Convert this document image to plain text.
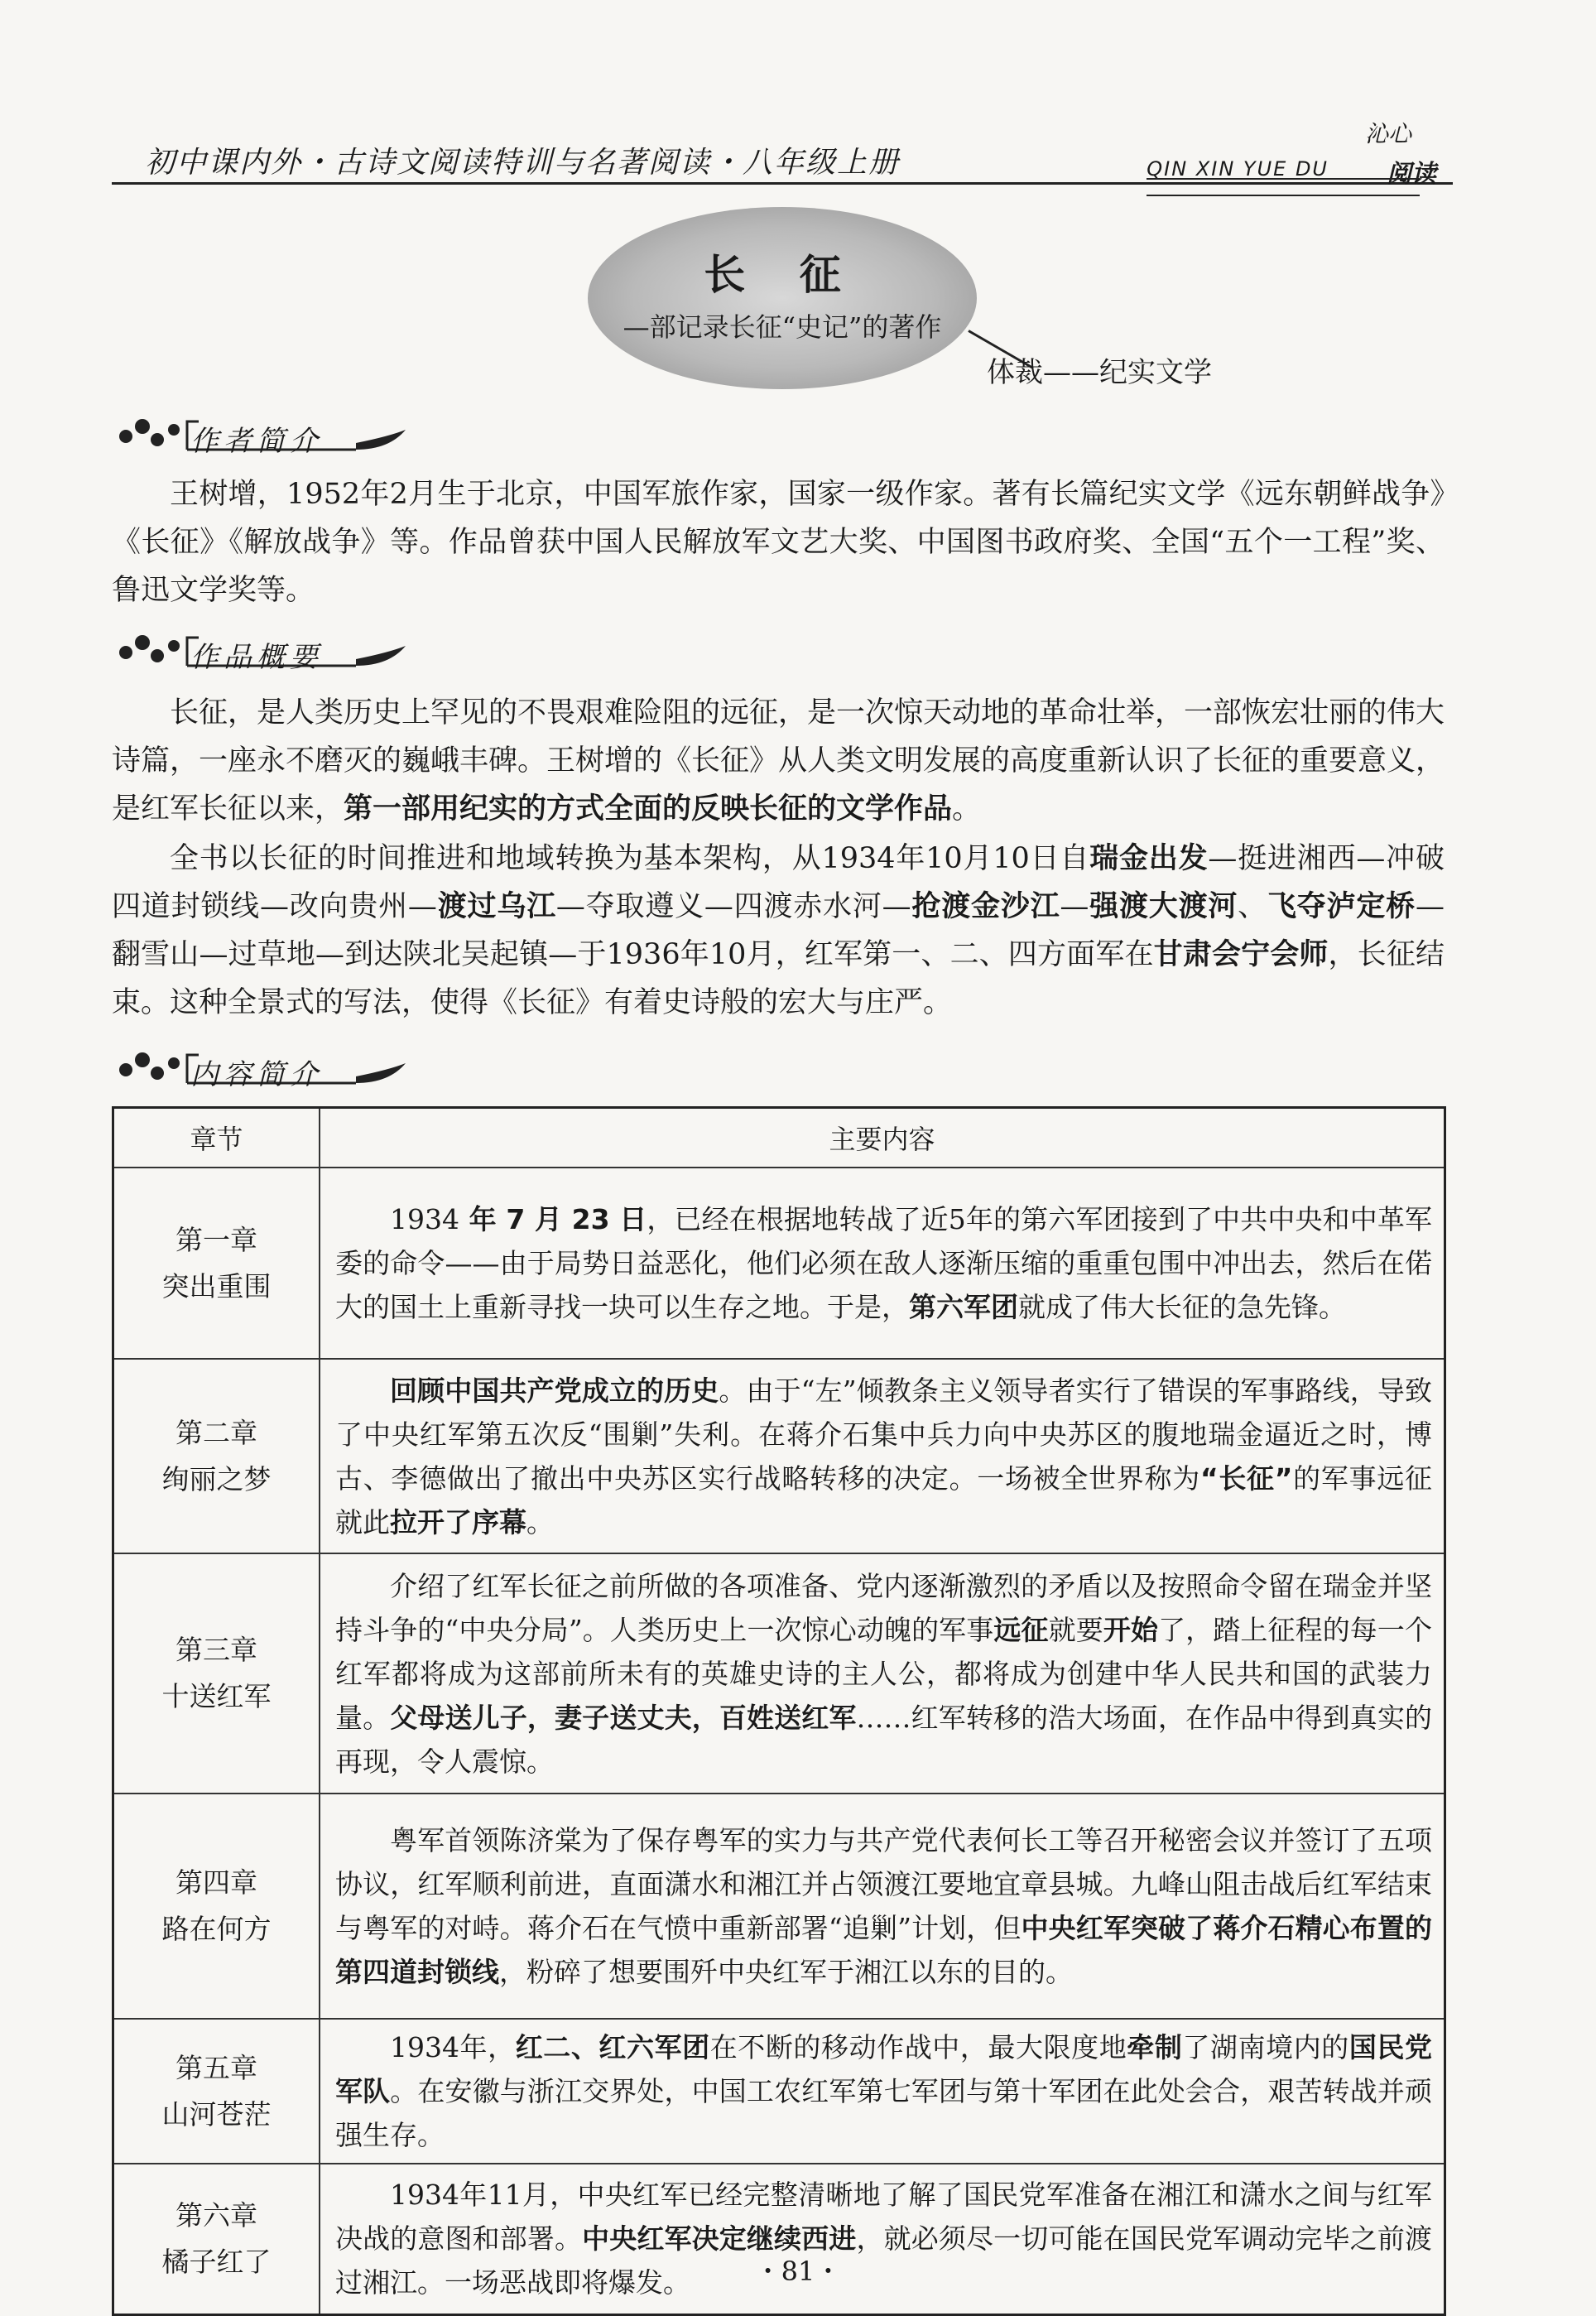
初中课内外・古诗文阅读特训与名著阅读・八年级上册
沁心
阅读
QIN XIN YUE DU
长 征
—部记录长征“史记”的著作
体裁——纪实文学
作者简介

王树增，1952年2月生于北京，中国军旅作家，国家一级作家。著有长篇纪实文学《远东朝鲜战争》《长征》《解放战争》等。作品曾获中国人民解放军文艺大奖、中国图书政府奖、全国“五个一工程”奖、鲁迅文学奖等。

作品概要

长征，是人类历史上罕见的不畏艰难险阻的远征，是一次惊天动地的革命壮举，一部恢宏壮丽的伟大诗篇，一座永不磨灭的巍峨丰碑。王树增的《长征》从人类文明发展的高度重新认识了长征的重要意义，是红军长征以来，第一部用纪实的方式全面的反映长征的文学作品。

全书以长征的时间推进和地域转换为基本架构，从1934年10月10日自瑞金出发—挺进湘西—冲破四道封锁线—改向贵州—渡过乌江—夺取遵义—四渡赤水河—抢渡金沙江—强渡大渡河、飞夺泸定桥—翻雪山—过草地—到达陕北吴起镇—于1936年10月，红军第一、二、四方面军在甘肃会宁会师，长征结束。这种全景式的写法，使得《长征》有着史诗般的宏大与庄严。

内容简介
章节	主要内容

第一章
突出重围	1934 年 7 月 23 日，已经在根据地转战了近5年的第六军团接到了中共中央和中革军委的命令——由于局势日益恶化，他们必须在敌人逐渐压缩的重重包围中冲出去，然后在偌大的国土上重新寻找一块可以生存之地。于是，第六军团就成了伟大长征的急先锋。

第二章
绚丽之梦	回顾中国共产党成立的历史。由于“左”倾教条主义领导者实行了错误的军事路线，导致了中央红军第五次反“围剿”失利。在蒋介石集中兵力向中央苏区的腹地瑞金逼近之时，博古、李德做出了撤出中央苏区实行战略转移的决定。一场被全世界称为“长征”的军事远征就此拉开了序幕。

第三章
十送红军	介绍了红军长征之前所做的各项准备、党内逐渐激烈的矛盾以及按照命令留在瑞金并坚持斗争的“中央分局”。人类历史上一次惊心动魄的军事远征就要开始了，踏上征程的每一个红军都将成为这部前所未有的英雄史诗的主人公，都将成为创建中华人民共和国的武装力量。父母送儿子，妻子送丈夫，百姓送红军……红军转移的浩大场面，在作品中得到真实的再现，令人震惊。

第四章
路在何方	粤军首领陈济棠为了保存粤军的实力与共产党代表何长工等召开秘密会议并签订了五项协议，红军顺利前进，直面潇水和湘江并占领渡江要地宜章县城。九峰山阻击战后红军结束与粤军的对峙。蒋介石在气愤中重新部署“追剿”计划，但中央红军突破了蒋介石精心布置的第四道封锁线，粉碎了想要围歼中央红军于湘江以东的目的。

第五章
山河苍茫	1934年，红二、红六军团在不断的移动作战中，最大限度地牵制了湖南境内的国民党军队。在安徽与浙江交界处，中国工农红军第七军团与第十军团在此处会合，艰苦转战并顽强生存。

第六章
橘子红了	1934年11月，中央红军已经完整清晰地了解了国民党军准备在湘江和潇水之间与红军决战的意图和部署。中央红军决定继续西进，就必须尽一切可能在国民党军调动完毕之前渡过湘江。一场恶战即将爆发。	・81・
